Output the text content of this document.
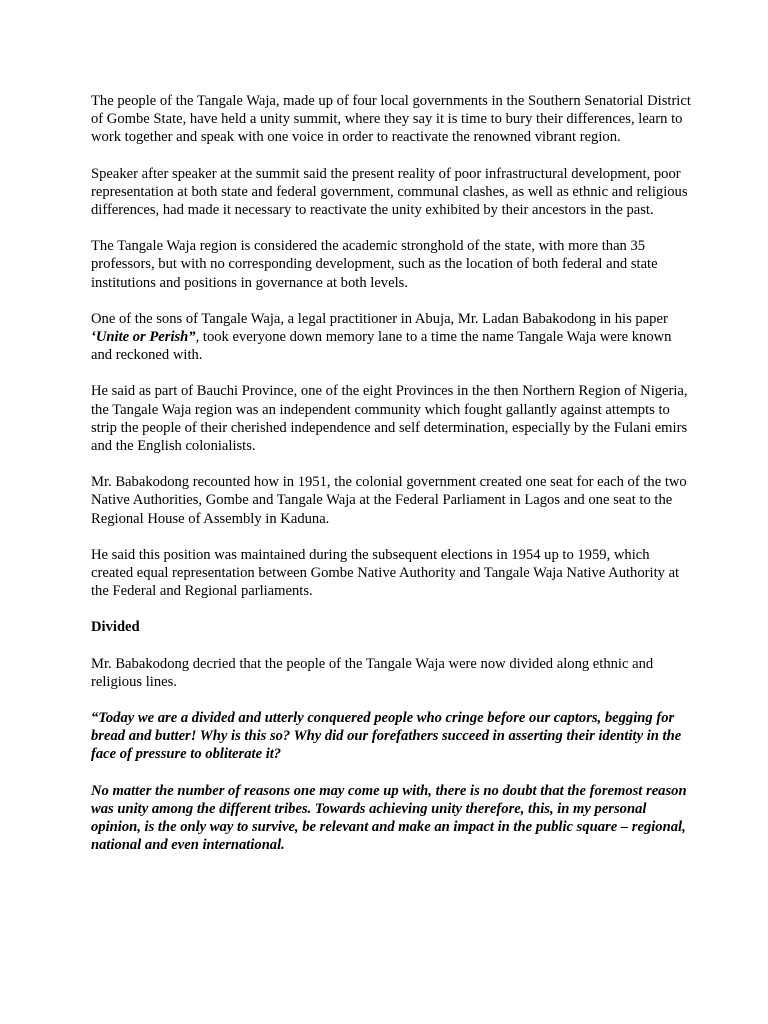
The people of the Tangale Waja, made up of four local governments in the Southern Senatorial District of Gombe State, have held a unity summit, where they say it is time to bury their differences, learn to work together and speak with one voice in order to reactivate the renowned vibrant region.

Speaker after speaker at the summit said the present reality of poor infrastructural development, poor representation at both state and federal government, communal clashes, as well as ethnic and religious differences, had made it necessary to reactivate the unity exhibited by their ancestors in the past.

The Tangale Waja region is considered the academic stronghold of the state, with more than 35 professors, but with no corresponding development, such as the location of both federal and state institutions and positions in governance at both levels.

One of the sons of Tangale Waja, a legal practitioner in Abuja, Mr. Ladan Babakodong in his paper ‘Unite or Perish”, took everyone down memory lane to a time the name Tangale Waja were known and reckoned with.

He said as part of Bauchi Province, one of the eight Provinces in the then Northern Region of Nigeria, the Tangale Waja region was an independent community which fought gallantly against attempts to strip the people of their cherished independence and self determination, especially by the Fulani emirs and the English colonialists.

Mr. Babakodong recounted how in 1951, the colonial government created one seat for each of the two Native Authorities, Gombe and Tangale Waja at the Federal Parliament in Lagos and one seat to the Regional House of Assembly in Kaduna.

He said this position was maintained during the subsequent elections in 1954 up to 1959, which created equal representation between Gombe Native Authority and Tangale Waja Native Authority at the Federal and Regional parliaments.

Divided

Mr. Babakodong decried that the people of the Tangale Waja were now divided along ethnic and religious lines.

“Today we are a divided and utterly conquered people who cringe before our captors, begging for bread and butter! Why is this so? Why did our forefathers succeed in asserting their identity in the face of pressure to obliterate it?

No matter the number of reasons one may come up with, there is no doubt that the foremost reason was unity among the different tribes. Towards achieving unity therefore, this, in my personal opinion, is the only way to survive, be relevant and make an impact in the public square – regional, national and even international.
